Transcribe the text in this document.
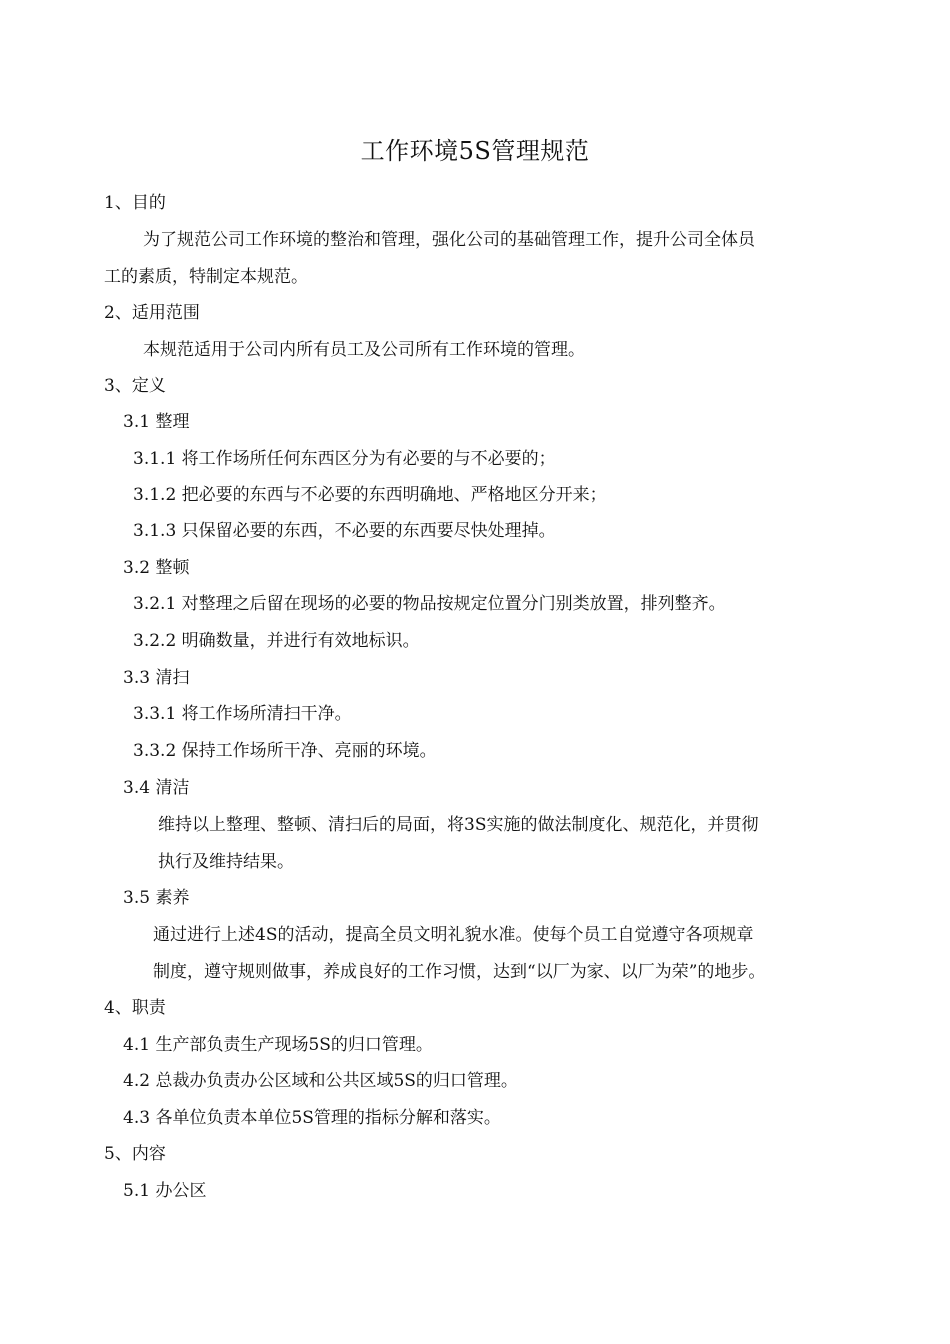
工作环境5S管理规范
1、目的
为了规范公司工作环境的整治和管理，强化公司的基础管理工作，提升公司全体员
工的素质，特制定本规范。
2、适用范围
本规范适用于公司内所有员工及公司所有工作环境的管理。
3、定义
3.1 整理
3.1.1 将工作场所任何东西区分为有必要的与不必要的；
3.1.2 把必要的东西与不必要的东西明确地、严格地区分开来；
3.1.3 只保留必要的东西，不必要的东西要尽快处理掉。
3.2 整顿
3.2.1 对整理之后留在现场的必要的物品按规定位置分门别类放置，排列整齐。
3.2.2 明确数量，并进行有效地标识。
3.3 清扫
3.3.1 将工作场所清扫干净。
3.3.2 保持工作场所干净、亮丽的环境。
3.4 清洁
维持以上整理、整顿、清扫后的局面，将3S实施的做法制度化、规范化，并贯彻
执行及维持结果。
3.5 素养
通过进行上述4S的活动，提高全员文明礼貌水准。使每个员工自觉遵守各项规章
制度，遵守规则做事，养成良好的工作习惯，达到“以厂为家、以厂为荣”的地步。
4、职责
4.1 生产部负责生产现场5S的归口管理。
4.2 总裁办负责办公区域和公共区域5S的归口管理。
4.3 各单位负责本单位5S管理的指标分解和落实。
5、内容
5.1 办公区
